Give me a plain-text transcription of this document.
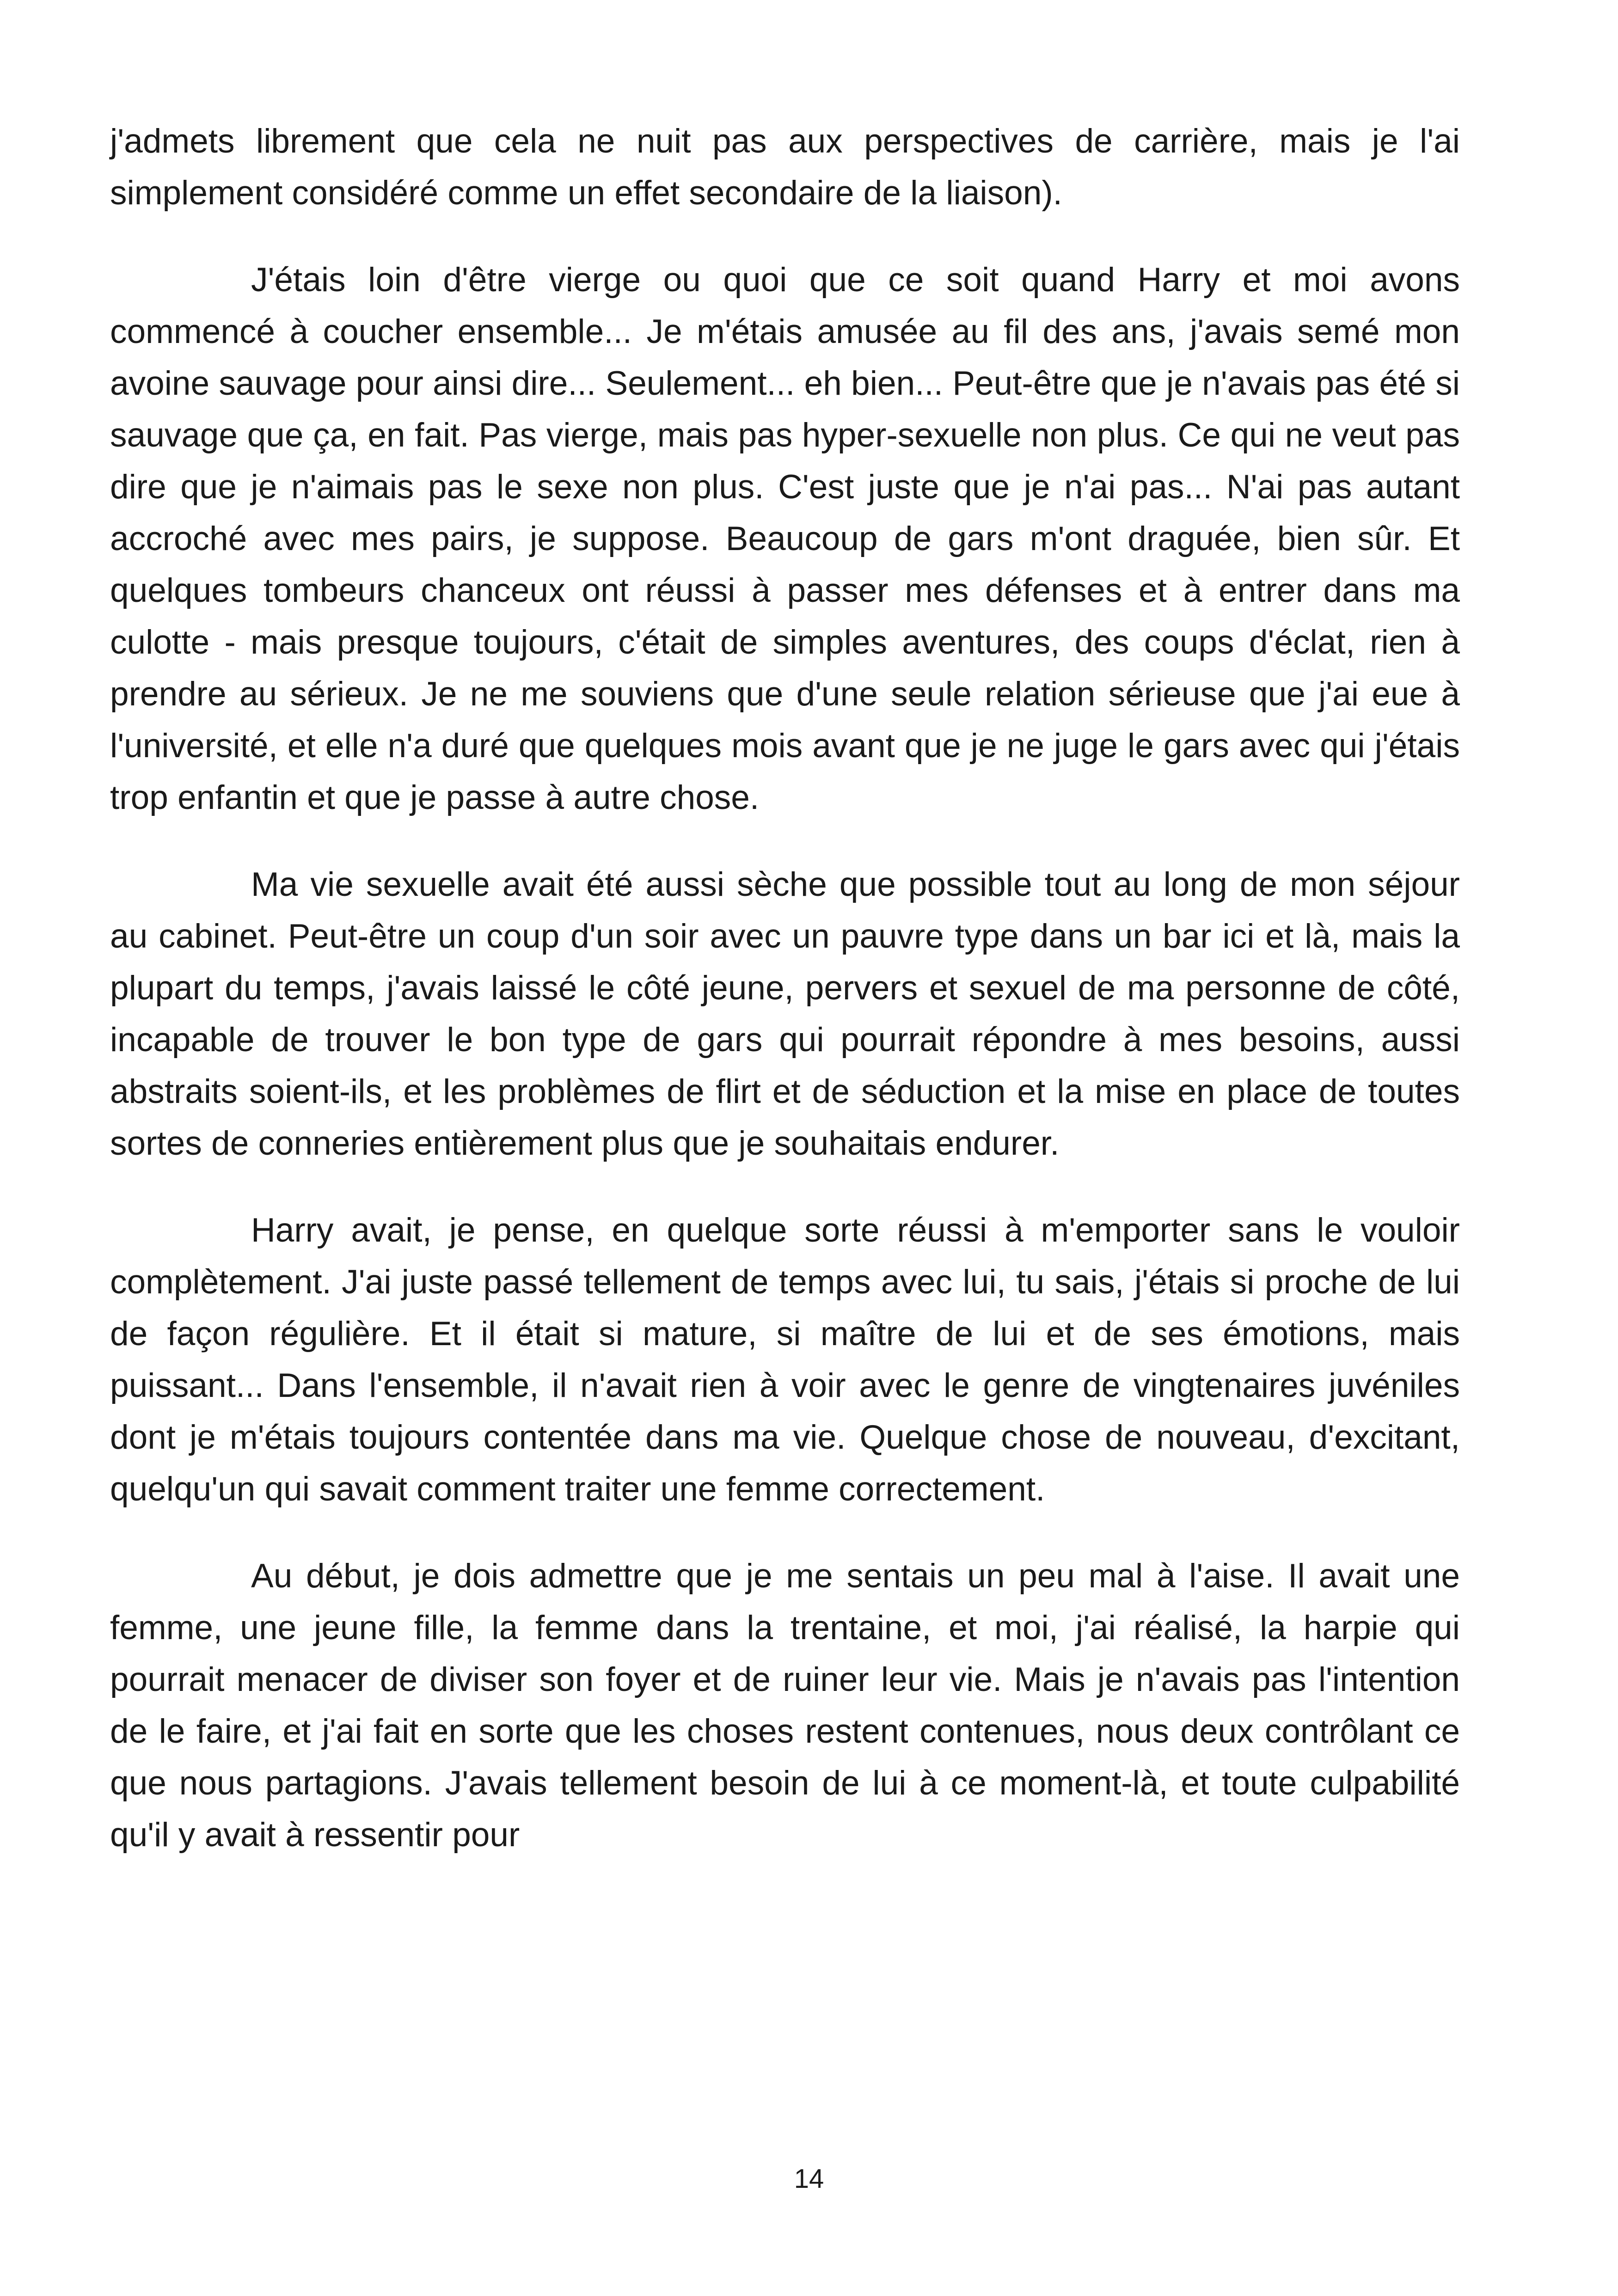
j'admets librement que cela ne nuit pas aux perspectives de carrière, mais je l'ai simplement considéré comme un effet secondaire de la liaison).

J'étais loin d'être vierge ou quoi que ce soit quand Harry et moi avons commencé à coucher ensemble... Je m'étais amusée au fil des ans, j'avais semé mon avoine sauvage pour ainsi dire... Seulement... eh bien... Peut-être que je n'avais pas été si sauvage que ça, en fait. Pas vierge, mais pas hyper-sexuelle non plus. Ce qui ne veut pas dire que je n'aimais pas le sexe non plus. C'est juste que je n'ai pas... N'ai pas autant accroché avec mes pairs, je suppose. Beaucoup de gars m'ont draguée, bien sûr. Et quelques tombeurs chanceux ont réussi à passer mes défenses et à entrer dans ma culotte - mais presque toujours, c'était de simples aventures, des coups d'éclat, rien à prendre au sérieux. Je ne me souviens que d'une seule relation sérieuse que j'ai eue à l'université, et elle n'a duré que quelques mois avant que je ne juge le gars avec qui j'étais trop enfantin et que je passe à autre chose.

Ma vie sexuelle avait été aussi sèche que possible tout au long de mon séjour au cabinet. Peut-être un coup d'un soir avec un pauvre type dans un bar ici et là, mais la plupart du temps, j'avais laissé le côté jeune, pervers et sexuel de ma personne de côté, incapable de trouver le bon type de gars qui pourrait répondre à mes besoins, aussi abstraits soient-ils, et les problèmes de flirt et de séduction et la mise en place de toutes sortes de conneries entièrement plus que je souhaitais endurer.

Harry avait, je pense, en quelque sorte réussi à m'emporter sans le vouloir complètement. J'ai juste passé tellement de temps avec lui, tu sais, j'étais si proche de lui de façon régulière. Et il était si mature, si maître de lui et de ses émotions, mais puissant... Dans l'ensemble, il n'avait rien à voir avec le genre de vingtenaires juvéniles dont je m'étais toujours contentée dans ma vie. Quelque chose de nouveau, d'excitant, quelqu'un qui savait comment traiter une femme correctement.

Au début, je dois admettre que je me sentais un peu mal à l'aise. Il avait une femme, une jeune fille, la femme dans la trentaine, et moi, j'ai réalisé, la harpie qui pourrait menacer de diviser son foyer et de ruiner leur vie. Mais je n'avais pas l'intention de le faire, et j'ai fait en sorte que les choses restent contenues, nous deux contrôlant ce que nous partagions. J'avais tellement besoin de lui à ce moment-là, et toute culpabilité qu'il y avait à ressentir pour

14
